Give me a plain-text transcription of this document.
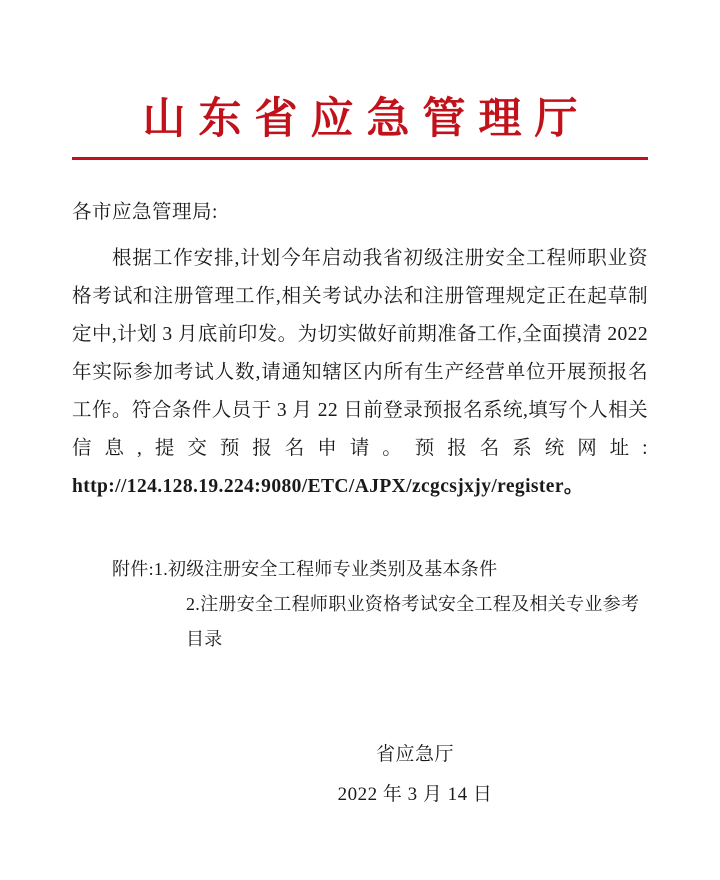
山东省应急管理厅
各市应急管理局:
根据工作安排,计划今年启动我省初级注册安全工程师职业资格考试和注册管理工作,相关考试办法和注册管理规定正在起草制定中,计划 3 月底前印发。为切实做好前期准备工作,全面摸清 2022 年实际参加考试人数,请通知辖区内所有生产经营单位开展预报名工作。符合条件人员于 3 月 22 日前登录预报名系统,填写个人相关信息,提交预报名申请。预报名系统网址: http://124.128.19.224:9080/ETC/AJPX/zcgcsjxjy/register。
附件: 1.初级注册安全工程师专业类别及基本条件
2.注册安全工程师职业资格考试安全工程及相关专业参考目录
省应急厅
2022 年 3 月 14 日
